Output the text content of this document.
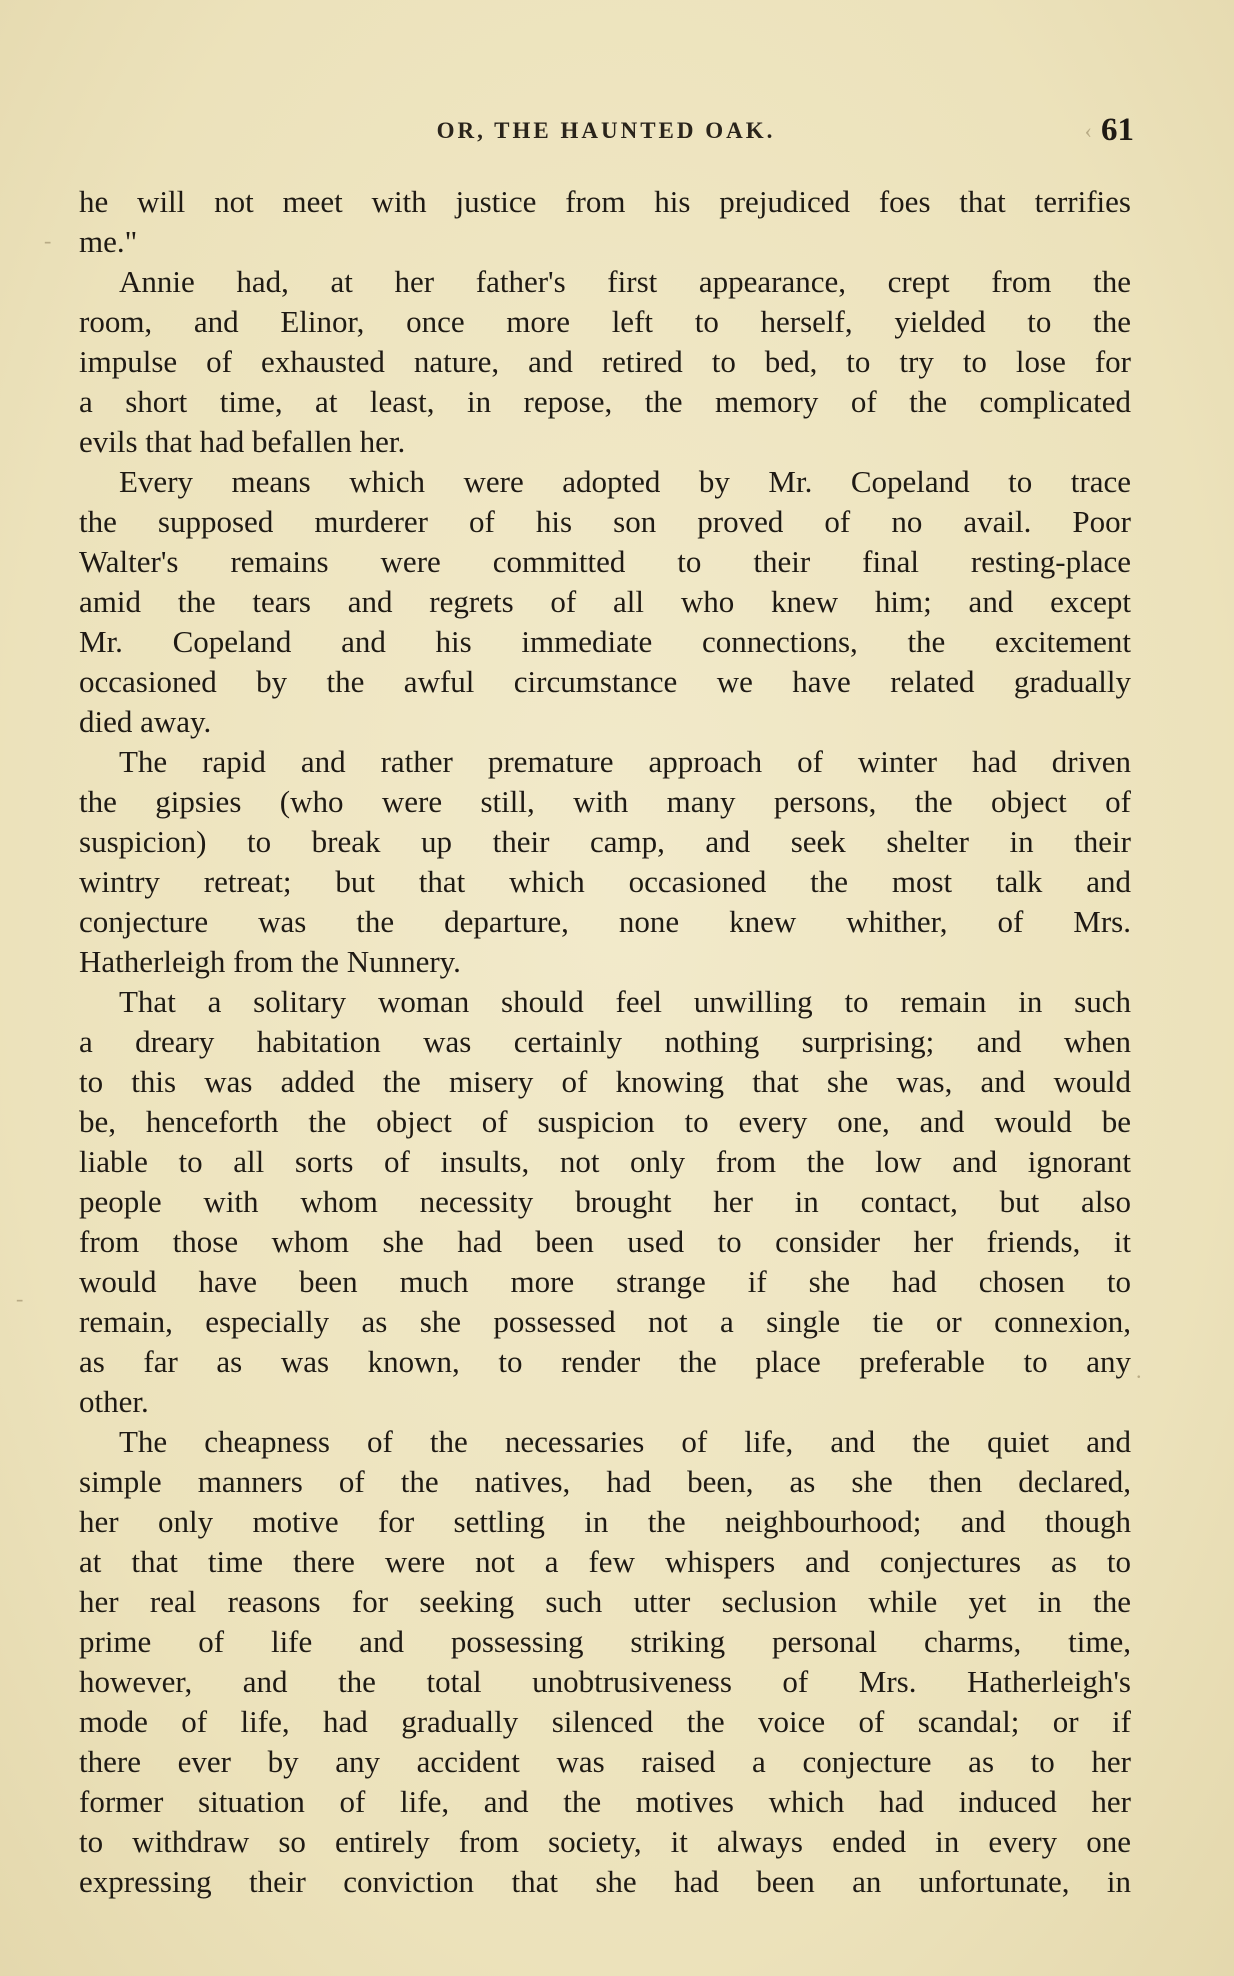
OR, THE HAUNTED OAK.	‹ 61
-
-
.
he will not meet with justice from his prejudiced foes that terrifies
me."
Annie had, at her father's first appearance, crept from the
room, and Elinor, once more left to herself, yielded to the
impulse of exhausted nature, and retired to bed, to try to lose for
a short time, at least, in repose, the memory of the complicated
evils that had befallen her.
Every means which were adopted by Mr. Copeland to trace
the supposed murderer of his son proved of no avail. Poor
Walter's remains were committed to their final resting-place
amid the tears and regrets of all who knew him; and except
Mr. Copeland and his immediate connections, the excitement
occasioned by the awful circumstance we have related gradually
died away.
The rapid and rather premature approach of winter had driven
the gipsies (who were still, with many persons, the object of
suspicion) to break up their camp, and seek shelter in their
wintry retreat; but that which occasioned the most talk and
conjecture was the departure, none knew whither, of Mrs.
Hatherleigh from the Nunnery.
That a solitary woman should feel unwilling to remain in such
a dreary habitation was certainly nothing surprising; and when
to this was added the misery of knowing that she was, and would
be, henceforth the object of suspicion to every one, and would be
liable to all sorts of insults, not only from the low and ignorant
people with whom necessity brought her in contact, but also
from those whom she had been used to consider her friends, it
would have been much more strange if she had chosen to
remain, especially as she possessed not a single tie or connexion,
as far as was known, to render the place preferable to any
other.
The cheapness of the necessaries of life, and the quiet and
simple manners of the natives, had been, as she then declared,
her only motive for settling in the neighbourhood; and though
at that time there were not a few whispers and conjectures as to
her real reasons for seeking such utter seclusion while yet in the
prime of life and possessing striking personal charms, time,
however, and the total unobtrusiveness of Mrs. Hatherleigh's
mode of life, had gradually silenced the voice of scandal; or if
there ever by any accident was raised a conjecture as to her
former situation of life, and the motives which had induced her
to withdraw so entirely from society, it always ended in every one
expressing their conviction that she had been an unfortunate, in
